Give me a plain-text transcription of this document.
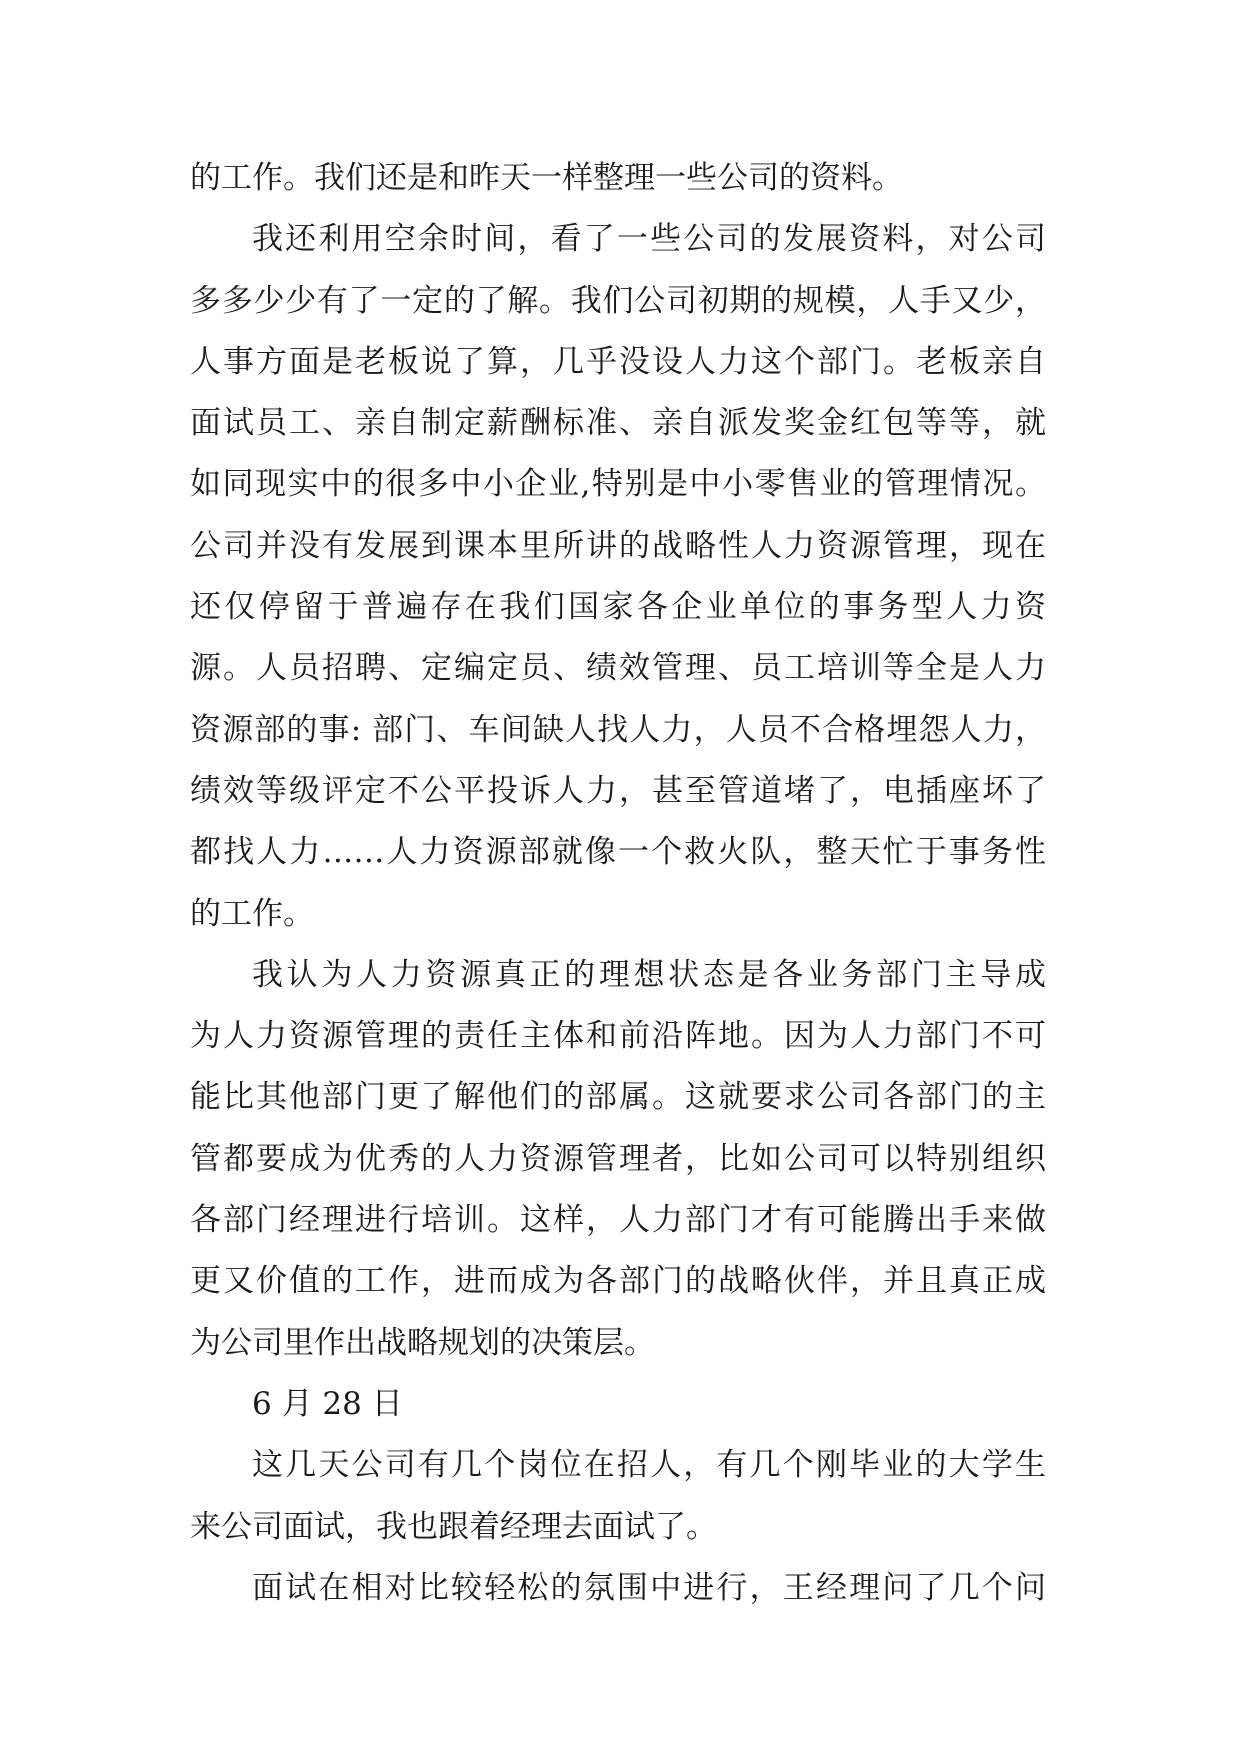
的工作。我们还是和昨天一样整理一些公司的资料。
我还利用空余时间，看了一些公司的发展资料，对公司
多多少少有了一定的了解。我们公司初期的规模，人手又少，
人事方面是老板说了算，几乎没设人力这个部门。老板亲自
面试员工、亲自制定薪酬标准、亲自派发奖金红包等等，就
如同现实中的很多中小企业,特别是中小零售业的管理情况。
公司并没有发展到课本里所讲的战略性人力资源管理，现在
还仅停留于普遍存在我们国家各企业单位的事务型人力资
源。人员招聘、定编定员、绩效管理、员工培训等全是人力
资源部的事: 部门、车间缺人找人力，人员不合格埋怨人力，
绩效等级评定不公平投诉人力，甚至管道堵了，电插座坏了
都找人力……人力资源部就像一个救火队，整天忙于事务性
的工作。
我认为人力资源真正的理想状态是各业务部门主导成
为人力资源管理的责任主体和前沿阵地。因为人力部门不可
能比其他部门更了解他们的部属。这就要求公司各部门的主
管都要成为优秀的人力资源管理者，比如公司可以特别组织
各部门经理进行培训。这样，人力部门才有可能腾出手来做
更又价值的工作，进而成为各部门的战略伙伴，并且真正成
为公司里作出战略规划的决策层。
6 月 28 日
这几天公司有几个岗位在招人，有几个刚毕业的大学生
来公司面试，我也跟着经理去面试了。
面试在相对比较轻松的氛围中进行，王经理问了几个问
